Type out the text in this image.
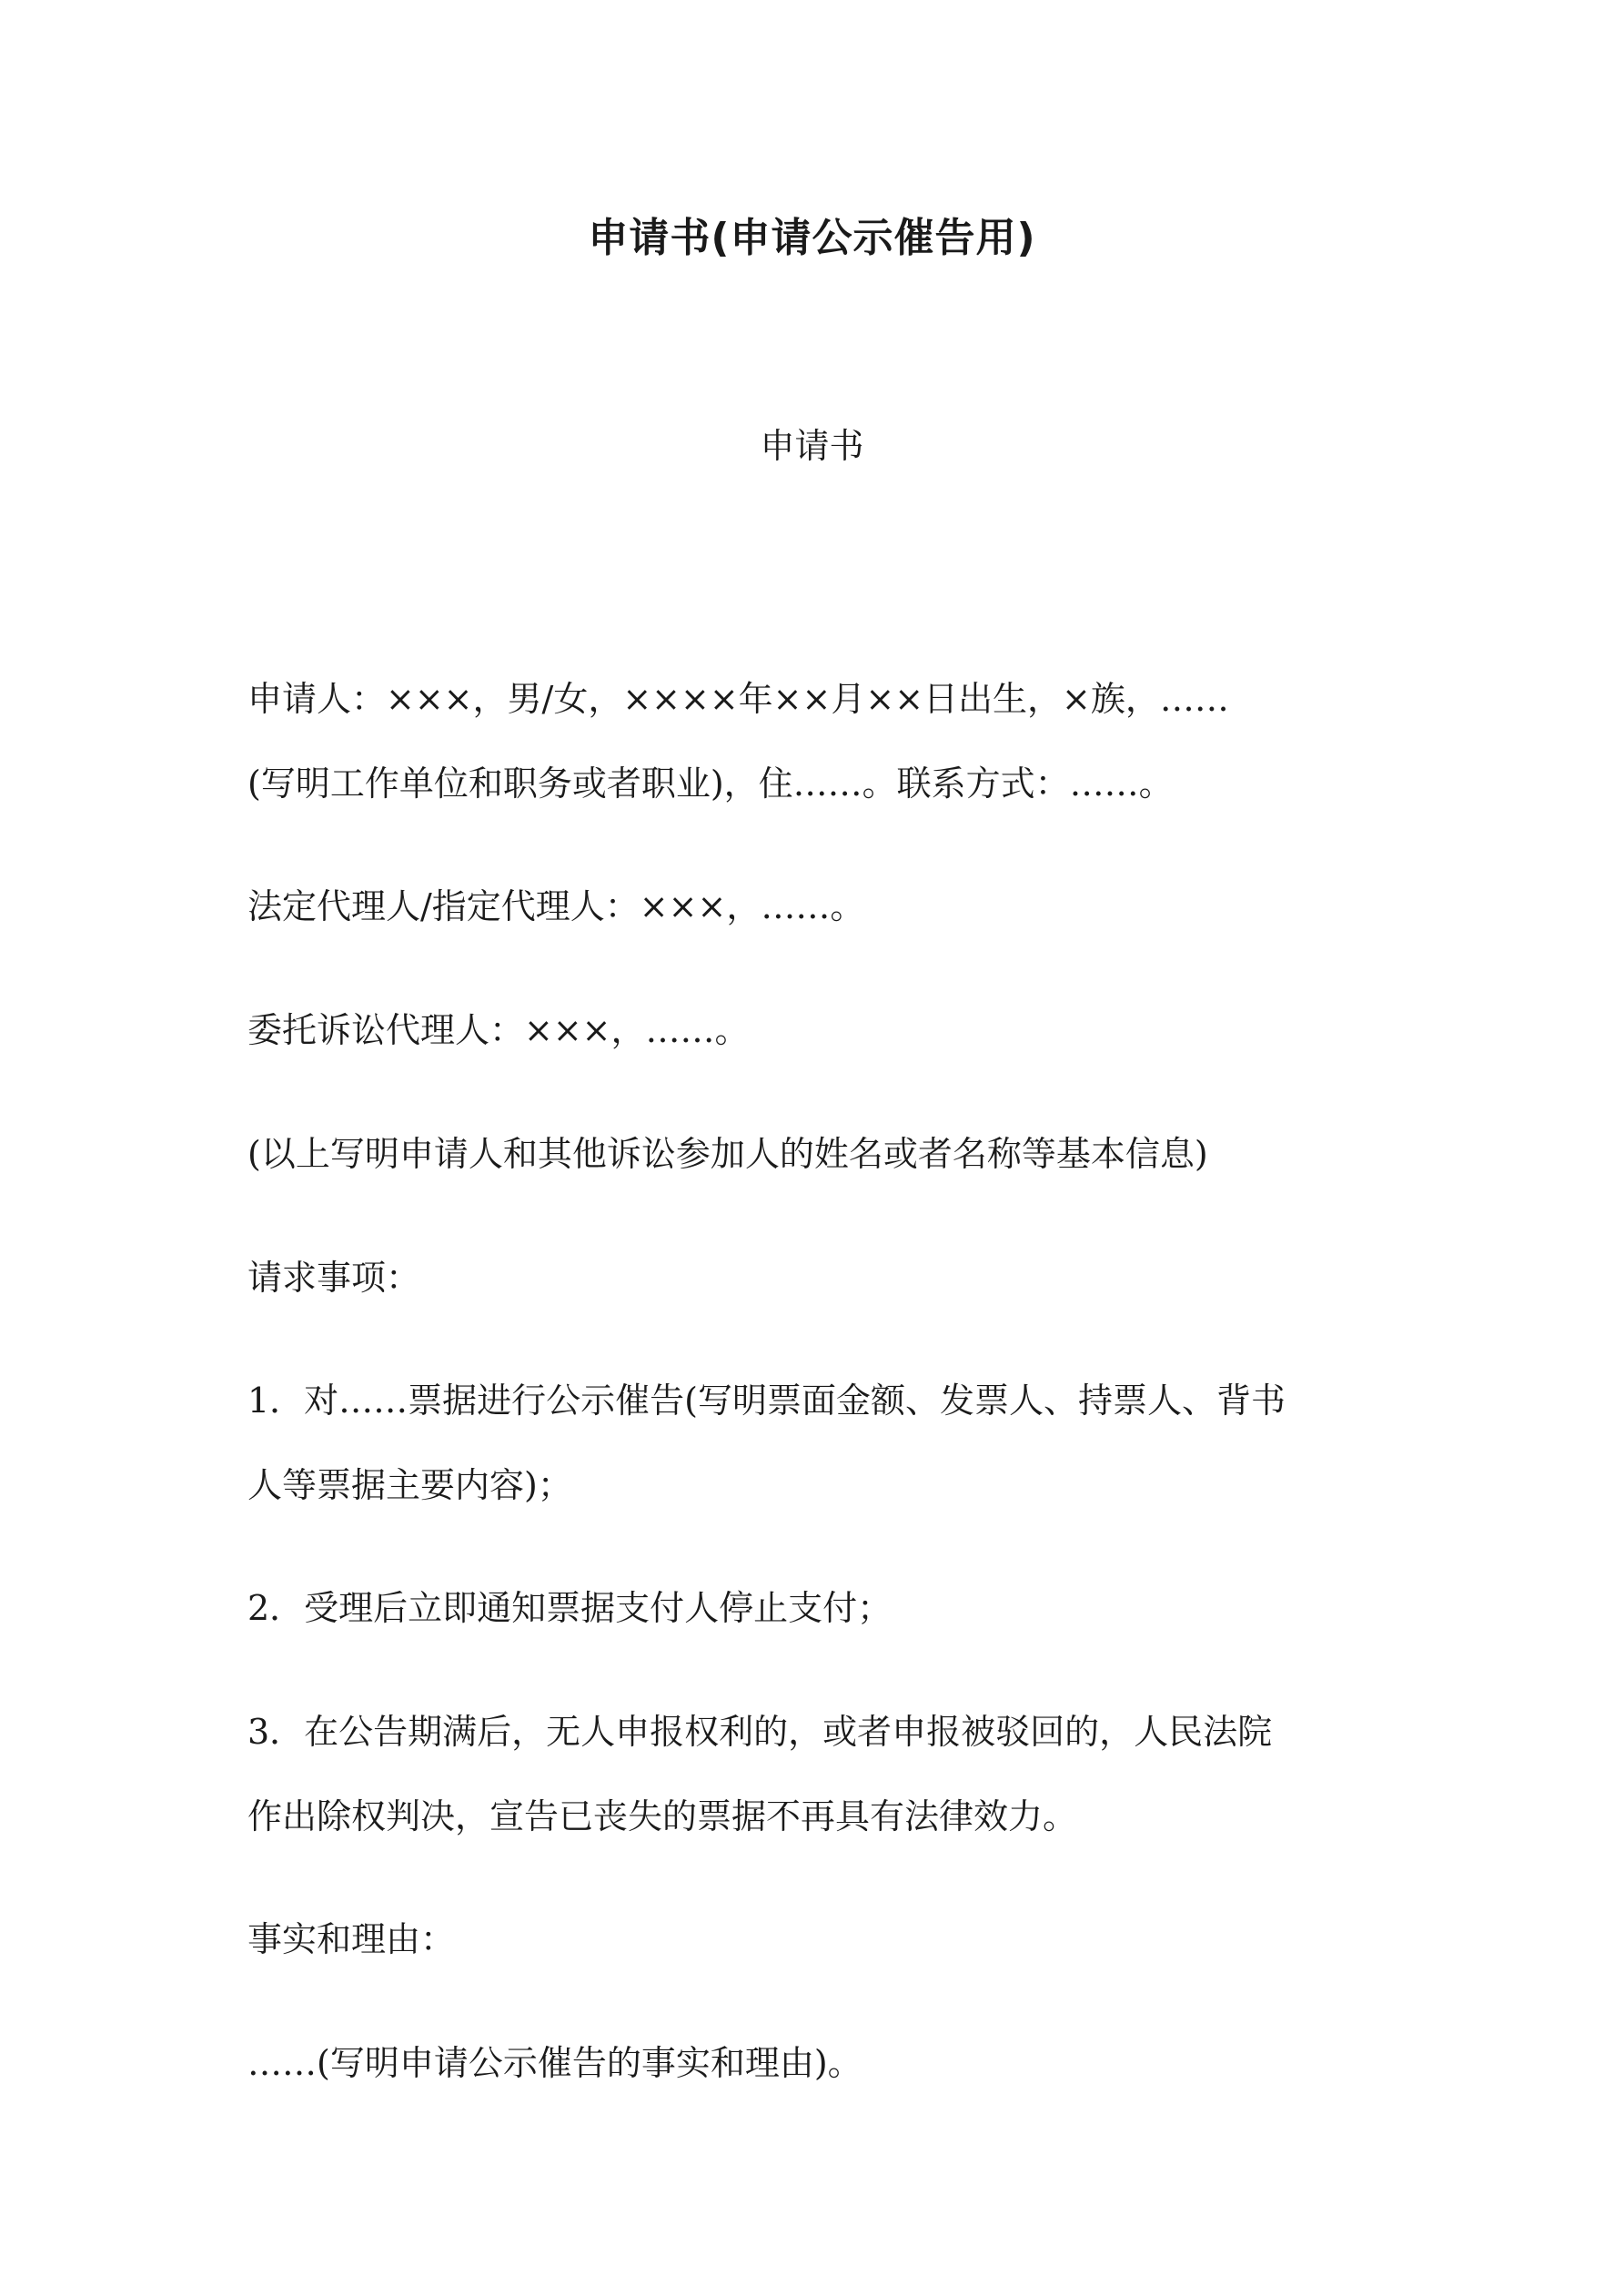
申请书(申请公示催告用)
申请书
申请人：×××，男/女，××××年××月××日出生，×族，……
(写明工作单位和职务或者职业)，住……。联系方式：……。
法定代理人/指定代理人：×××，……。
委托诉讼代理人：×××，……。
(以上写明申请人和其他诉讼参加人的姓名或者名称等基本信息)
请求事项：
1．对……票据进行公示催告(写明票面金额、发票人、持票人、背书
人等票据主要内容)；
2．受理后立即通知票据支付人停止支付；
3．在公告期满后，无人申报权利的，或者申报被驳回的，人民法院
作出除权判决，宣告已丧失的票据不再具有法律效力。
事实和理由：
……(写明申请公示催告的事实和理由)。
